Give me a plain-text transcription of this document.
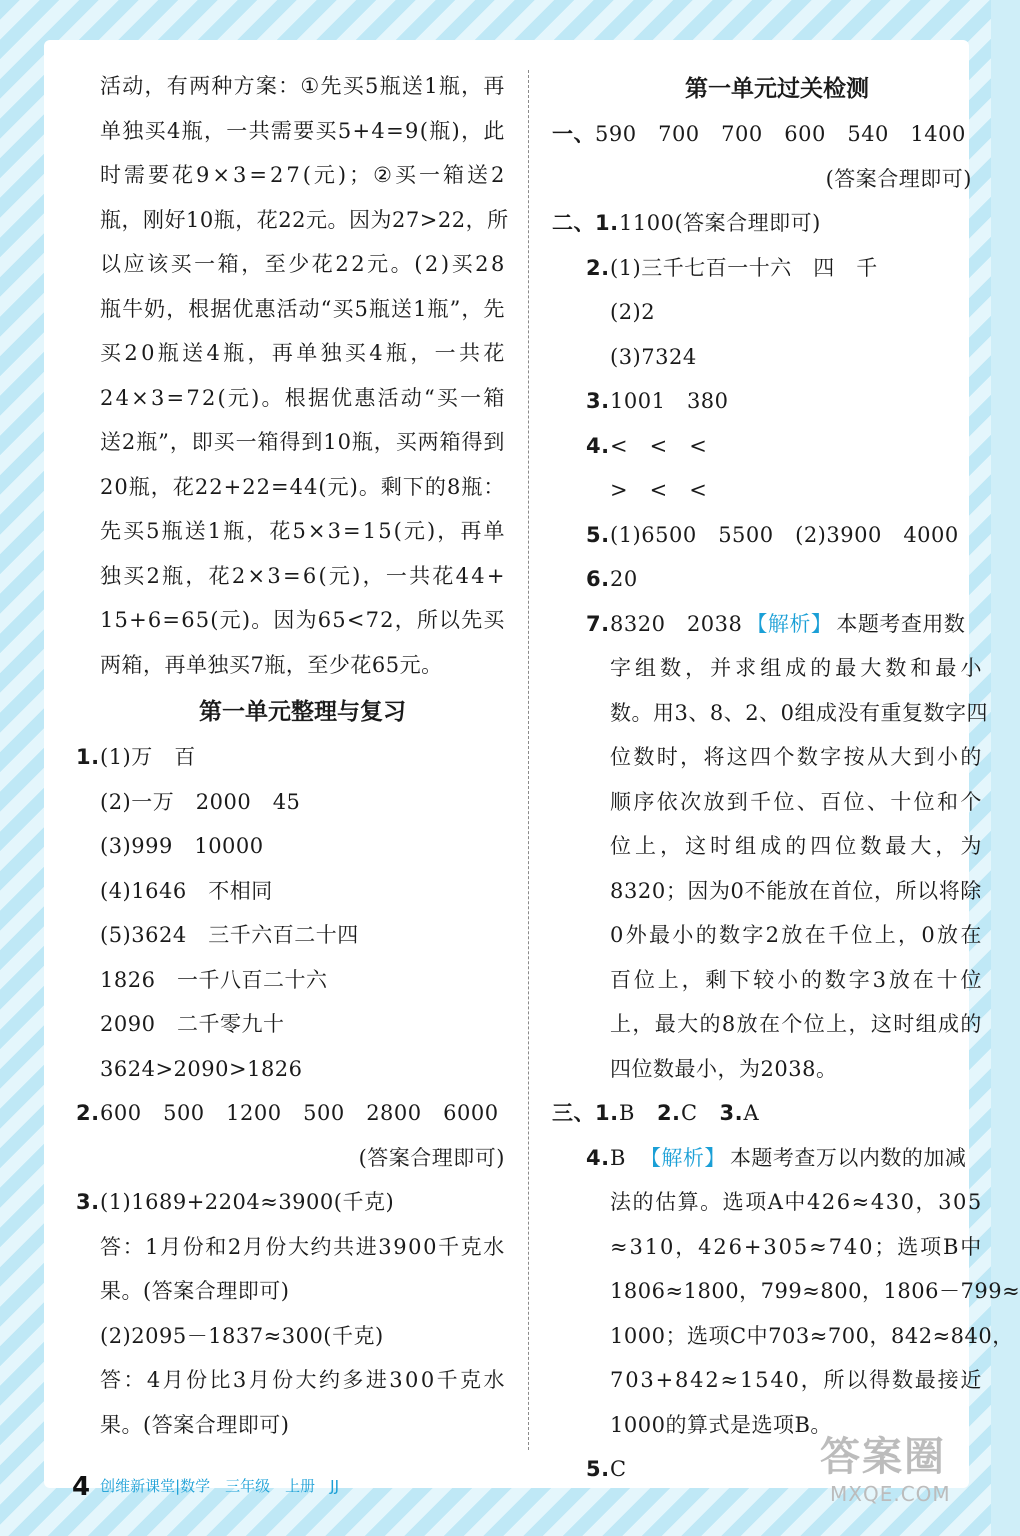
活 动 ， 有 两 种 方 案 ： ① 先 买 5 瓶 送 1 瓶 ， 再
单 独 买 4 瓶 ， 一 共 需 要 买 5 + 4 = 9 ( 瓶 ) ， 此
时 需 要 花 9 × 3 = 2 7 ( 元 ) ； ② 买 一 箱 送 2
瓶 ， 刚 好 1 0 瓶 ， 花 2 2 元 。 因 为 2 7 > 2 2 ， 所
以 应 该 买 一 箱 ， 至 少 花 2 2 元 。 ( 2 ) 买 2 8
瓶 牛 奶 ， 根 据 优 惠 活 动 “ 买 5 瓶 送 1 瓶 ” ， 先
买 2 0 瓶 送 4 瓶 ， 再 单 独 买 4 瓶 ， 一 共 花
2 4 × 3 = 7 2 ( 元 ) 。 根 据 优 惠 活 动 “ 买 一 箱
送 2 瓶 ” ， 即 买 一 箱 得 到 1 0 瓶 ， 买 两 箱 得 到
2 0 瓶 ， 花 2 2 + 2 2 = 4 4 ( 元 ) 。 剩 下 的 8 瓶 ：
先 买 5 瓶 送 1 瓶 ， 花 5 × 3 = 1 5 ( 元 ) ， 再 单
独 买 2 瓶 ， 花 2 × 3 = 6 ( 元 ) ， 一 共 花 4 4 +
1 5 + 6 = 6 5 ( 元 ) 。 因 为 6 5 < 7 2 ， 所 以 先 买
两箱，再单独买7瓶，至少花65元。
第一单元整理与复习
1.(1)万　百
(2)一万　2000　45
(3)999　10000
(4)1646　不相同
(5)3624　三千六百二十四
1826　一千八百二十六
2090　二千零九十
3624>2090>1826
2.600　500　1200　500　2800　6000
(答案合理即可)
3.(1)1689+2204≈3900(千克)
答 ： 1 月 份 和 2 月 份 大 约 共 进 3 9 0 0 千 克 水
果。(答案合理即可)
(2)2095－1837≈300(千克)
答 ： 4 月 份 比 3 月 份 大 约 多 进 3 0 0 千 克 水
果。(答案合理即可)
第一单元过关检测
一、590　700　700　600　540　1400
(答案合理即可)
二、1.1100(答案合理即可)
2.(1)三千七百一十六　四　千
(2)2
(3)7324
3.1001　380
4.<　<　<
>　<　<
5.(1)6500　5500　(2)3900　4000
6.20
7.8320　2038 【解析】 本题考查用数
字 组 数 ， 并 求 组 成 的 最 大 数 和 最 小
数 。 用 3 、 8 、 2 、 0 组 成 没 有 重 复 数 字 四
位 数 时 ， 将 这 四 个 数 字 按 从 大 到 小 的
顺 序 依 次 放 到 千 位 、 百 位 、 十 位 和 个
位 上 ， 这 时 组 成 的 四 位 数 最 大 ， 为
8 3 2 0 ； 因 为 0 不 能 放 在 首 位 ， 所 以 将 除
0 外 最 小 的 数 字 2 放 在 千 位 上 ， 0 放 在
百 位 上 ， 剩 下 较 小 的 数 字 3 放 在 十 位
上 ， 最 大 的 8 放 在 个 位 上 ， 这 时 组 成 的
四位数最小，为2038。
三、1.B 2.C 3.A
4.B 【解析】 本题考查万以内数的加减
法 的 估 算 。 选 项 A 中 4 2 6 ≈ 4 3 0 ， 3 0 5
≈ 3 1 0 ， 4 2 6 + 3 0 5 ≈ 7 4 0 ； 选 项 B 中
1 8 0 6 ≈ 1 8 0 0 ， 7 9 9 ≈ 8 0 0 ， 1 8 0 6 － 7 9 9 ≈
1 0 0 0 ； 选 项 C 中 7 0 3 ≈ 7 0 0 ， 8 4 2 ≈ 8 4 0 ，
7 0 3 + 8 4 2 ≈ 1 5 4 0 ， 所 以 得 数 最 接 近
1000的算式是选项B。
5.C
4 创维新课堂|数学　三年级　上册　JJ
答案圈
MXQE.COM
